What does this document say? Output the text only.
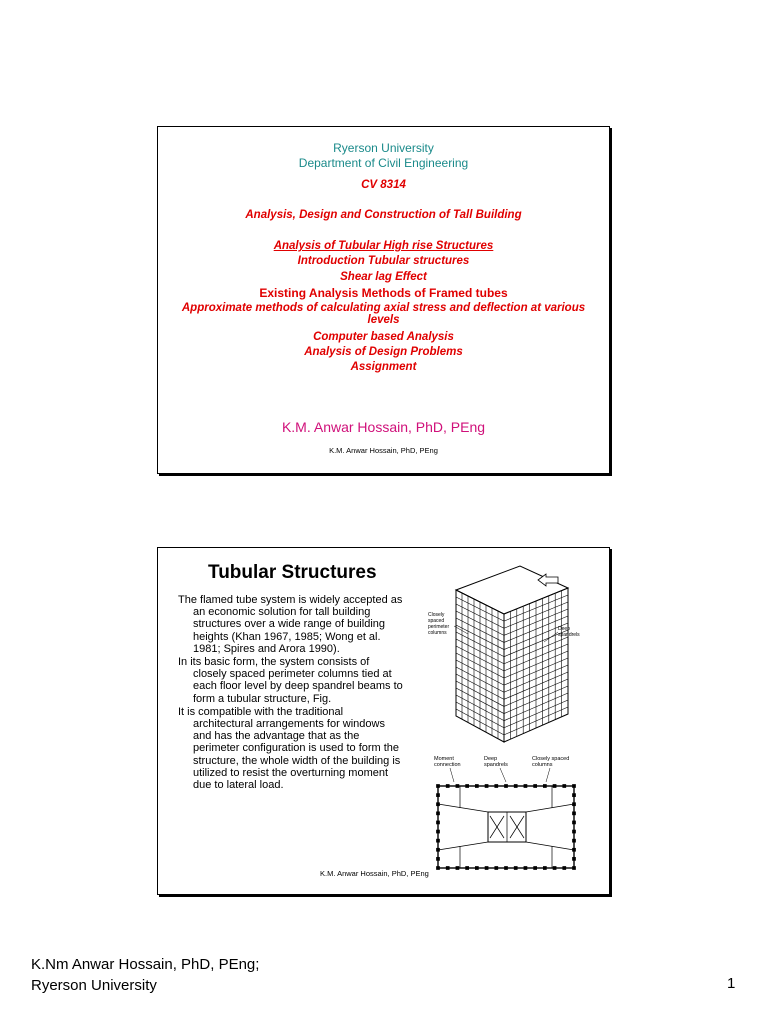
Ryerson University
Department of Civil Engineering
CV 8314
Analysis, Design and Construction of Tall Building
Analysis of Tubular High rise Structures
Introduction Tubular structures
Shear lag Effect
Existing Analysis Methods of Framed tubes
Approximate methods of calculating axial stress and deflection at various levels
Computer based Analysis
Analysis of Design Problems
Assignment
K.M. Anwar Hossain, PhD, PEng
K.M. Anwar Hossain, PhD, PEng
Tubular Structures

The flamed tube system is widely accepted as an economic solution for tall building structures over a wide range of building heights (Khan 1967, 1985; Wong et al. 1981; Spires and Arora 1990).

In its basic form, the system consists of closely spaced perimeter columns tied at each floor level by deep spandrel beams to form a tubular structure, Fig.

It is compatible with the traditional architectural arrangements for windows and has the advantage that as the perimeter configuration is used to form the structure, the whole width of the building is utilized to resist the overturning moment due to lateral load.

Closely
spaced
perimeter
columns
Deep
spandrels
Moment
connection
Deep
spandrels
Closely spaced
columns
K.M. Anwar Hossain, PhD, PEng
K.Nm Anwar Hossain, PhD, PEng;
Ryerson University	1
